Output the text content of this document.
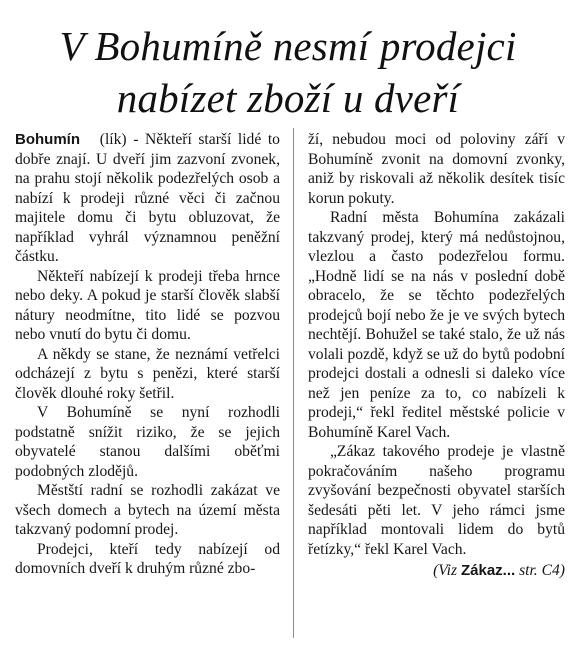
V Bohumíně nesmí prodejci
nabízet zboží u dveří

Bohumín (lík) - Někteří starší lidé to dobře znají. U dveří jim zazvoní zvonek, na prahu stojí několik podezřelých osob a nabízí k prodeji různé věci či začnou majitele domu či bytu obluzovat, že například vyhrál významnou peněžní částku.

Někteří nabízejí k prodeji třeba hrnce nebo deky. A pokud je starší člověk slabší nátury neodmítne, tito lidé se pozvou nebo vnutí do bytu či domu.

A někdy se stane, že neznámí vetřelci odcházejí z bytu s penězi, které starší člověk dlouhé roky šetřil.

V Bohumíně se nyní rozhodli podstatně snížit riziko, že se jejich obyvatelé stanou dalšími oběťmi podobných zlodějů.

Městští radní se rozhodli zakázat ve všech domech a bytech na území města takzvaný podomní prodej.

Prodejci, kteří tedy nabízejí od domovních dveří k druhým různé zbo-

ží, nebudou moci od poloviny září v Bohumíně zvonit na domovní zvonky, aniž by riskovali až několik desítek tisíc korun pokuty.

Radní města Bohumína zakázali takzvaný prodej, který má nedůstojnou, vlezlou a často podezřelou formu. „Hodně lidí se na nás v poslední době obracelo, že se těchto podezřelých prodejců bojí nebo že je ve svých bytech nechtějí. Bohužel se také stalo, že už nás volali pozdě, když se už do bytů podobní prodejci dostali a odnesli si daleko více než jen peníze za to, co nabízeli k prodeji,“ řekl ředitel městské policie v Bohumíně Karel Vach.

„Zákaz takového prodeje je vlastně pokračováním našeho programu zvyšování bezpečnosti obyvatel starších šedesáti pěti let. V jeho rámci jsme například montovali lidem do bytů řetízky,“ řekl Karel Vach.

(Viz Zákaz... str. C4)
